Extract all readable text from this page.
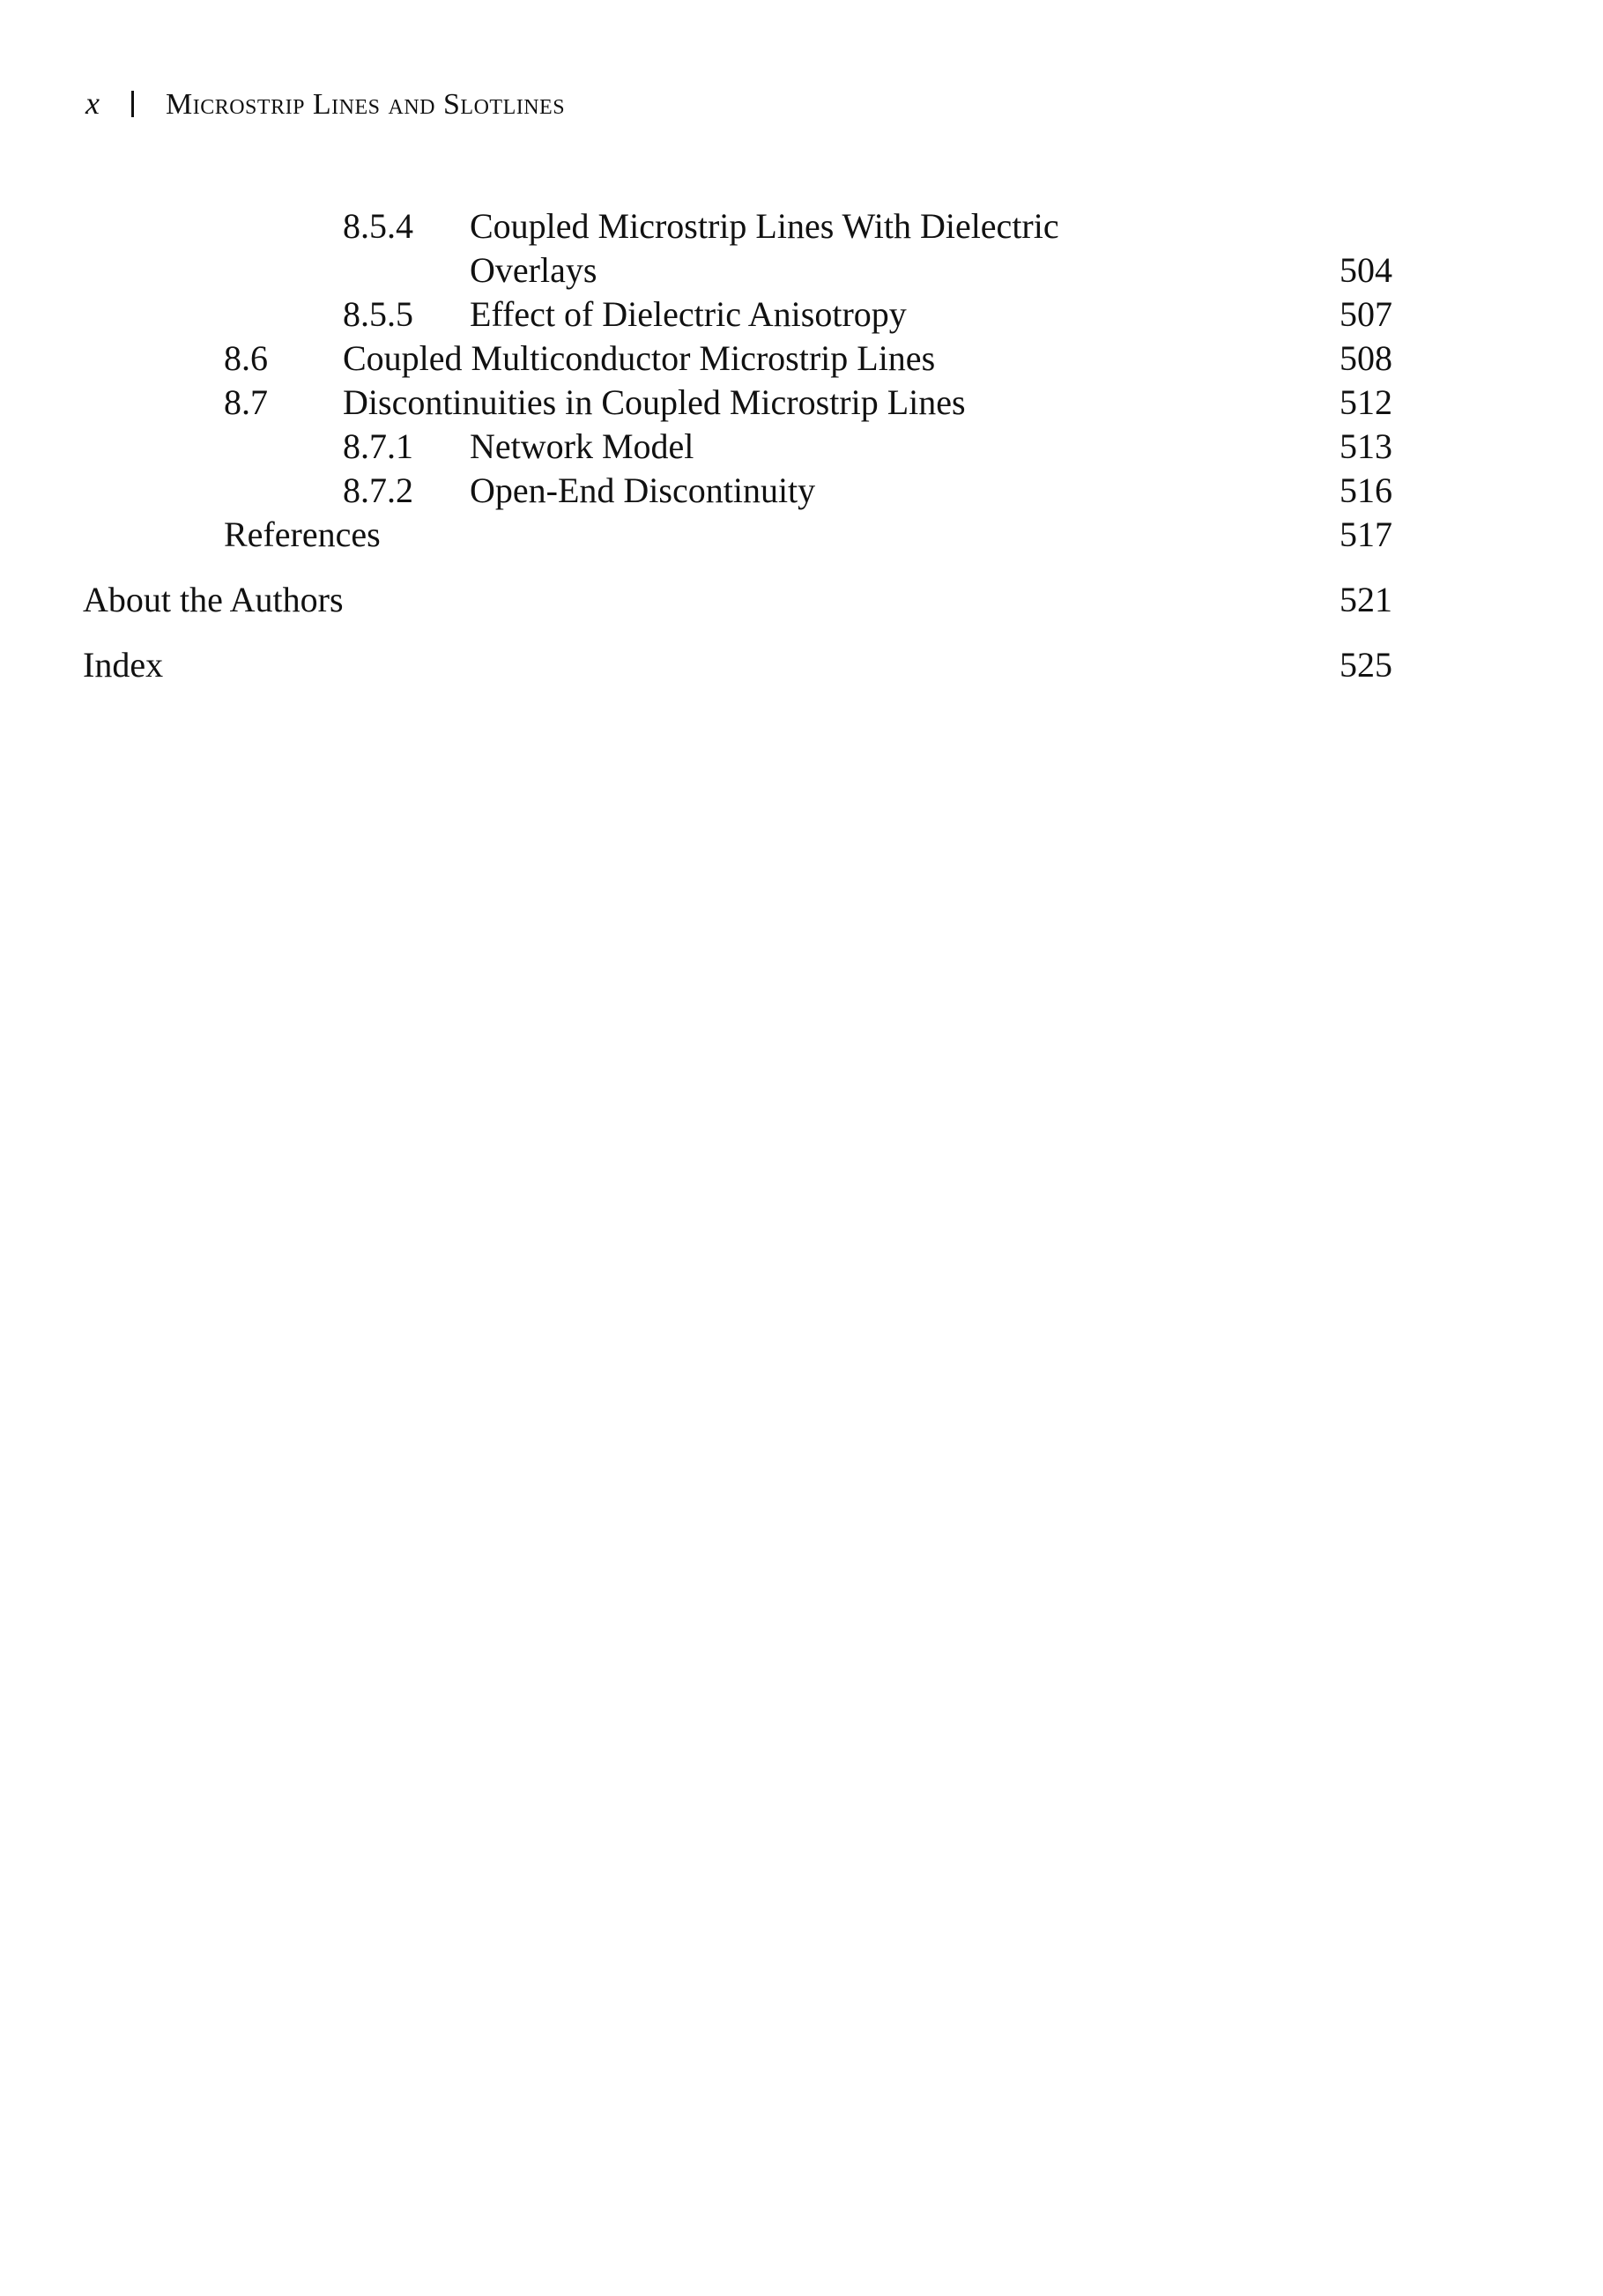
x Microstrip Lines and Slotlines
8.5.4 Coupled Microstrip Lines With Dielectric
Overlays	504
8.5.5 Effect of Dielectric Anisotropy	507
8.6 Coupled Multiconductor Microstrip Lines	508
8.7 Discontinuities in Coupled Microstrip Lines	512
8.7.1 Network Model	513
8.7.2 Open-End Discontinuity	516
References	517
About the Authors	521
Index	525
